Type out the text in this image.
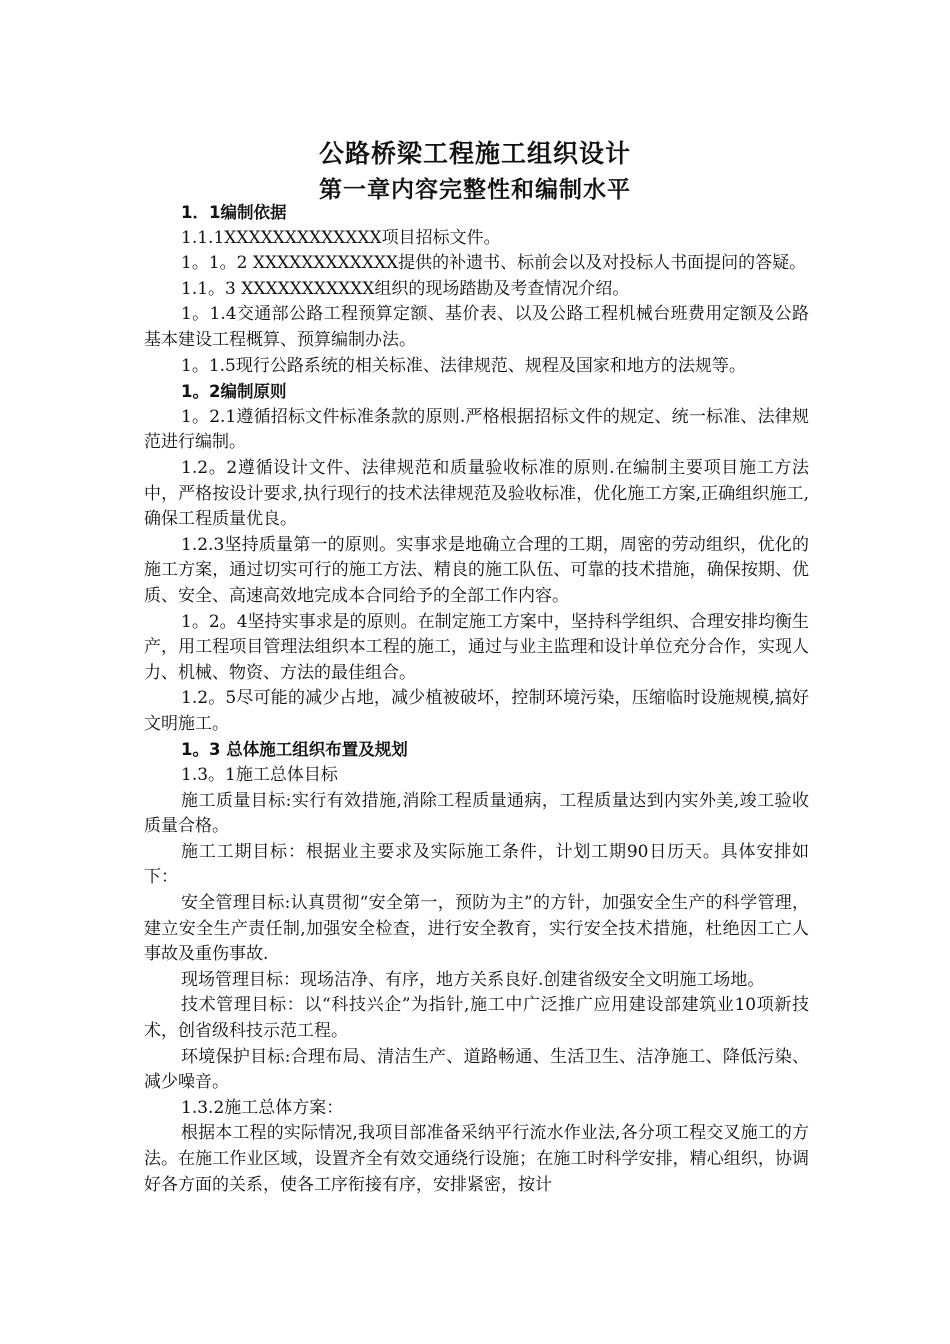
公路桥梁工程施工组织设计
第一章内容完整性和编制水平

1．1编制依据

1.1.1XXXXXXXXXXXXX项目招标文件。

1。1。2 XXXXXXXXXXXX提供的补遗书、标前会以及对投标人书面提问的答疑。

1.1。3 XXXXXXXXXXX组织的现场踏勘及考查情况介绍。

1。1.4交通部公路工程预算定额、基价表、以及公路工程机械台班费用定额及公路基本建设工程概算、预算编制办法。

1。1.5现行公路系统的相关标准、法律规范、规程及国家和地方的法规等。

1。2编制原则

1。2.1遵循招标文件标准条款的原则.严格根据招标文件的规定、统一标准、法律规范进行编制。

1.2。2遵循设计文件、法律规范和质量验收标准的原则.在编制主要项目施工方法中，严格按设计要求,执行现行的技术法律规范及验收标准，优化施工方案,正确组织施工,确保工程质量优良。

1.2.3坚持质量第一的原则。实事求是地确立合理的工期，周密的劳动组织，优化的施工方案，通过切实可行的施工方法、精良的施工队伍、可靠的技术措施，确保按期、优质、安全、高速高效地完成本合同给予的全部工作内容。

1。2。4坚持实事求是的原则。在制定施工方案中，坚持科学组织、合理安排均衡生产，用工程项目管理法组织本工程的施工，通过与业主监理和设计单位充分合作，实现人力、机械、物资、方法的最佳组合。

1.2。5尽可能的减少占地，减少植被破坏，控制环境污染，压缩临时设施规模,搞好文明施工。

1。3 总体施工组织布置及规划

1.3。1施工总体目标

施工质量目标:实行有效措施,消除工程质量通病，工程质量达到内实外美,竣工验收质量合格。

施工工期目标：根据业主要求及实际施工条件，计划工期90日历天。具体安排如下：

安全管理目标:认真贯彻“安全第一，预防为主”的方针，加强安全生产的科学管理，建立安全生产责任制,加强安全检查，进行安全教育，实行安全技术措施，杜绝因工亡人事故及重伤事故.

现场管理目标：现场洁净、有序，地方关系良好.创建省级安全文明施工场地。

技术管理目标：以“科技兴企”为指针,施工中广泛推广应用建设部建筑业10项新技术，创省级科技示范工程。

环境保护目标:合理布局、清洁生产、道路畅通、生活卫生、洁净施工、降低污染、减少噪音。

1.3.2施工总体方案：

根据本工程的实际情况,我项目部准备采纳平行流水作业法,各分项工程交叉施工的方法。在施工作业区域，设置齐全有效交通绕行设施；在施工时科学安排，精心组织，协调好各方面的关系，使各工序衔接有序，安排紧密，按计
